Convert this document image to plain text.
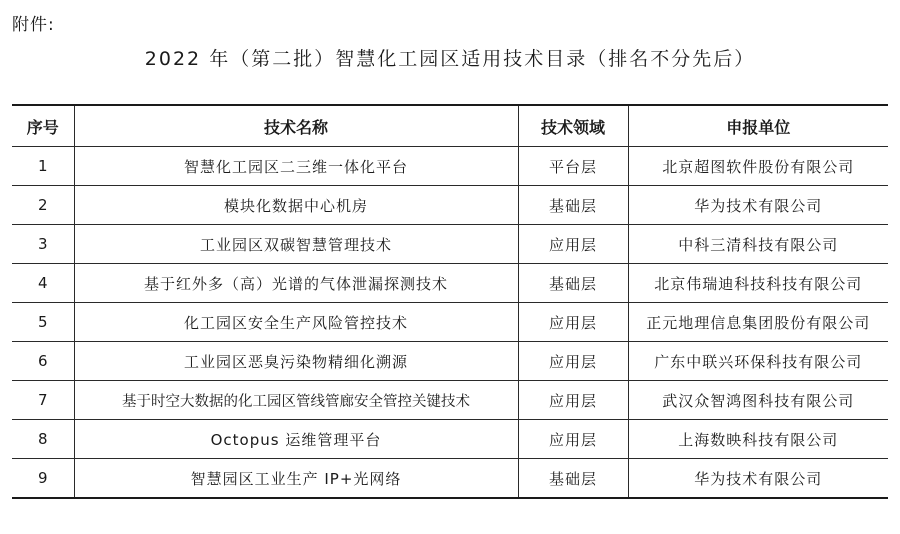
附件:
2022 年（第二批）智慧化工园区适用技术目录（排名不分先后）
序号	技术名称	技术领域	申报单位
1	智慧化工园区二三维一体化平台	平台层	北京超图软件股份有限公司
2	模块化数据中心机房	基础层	华为技术有限公司
3	工业园区双碳智慧管理技术	应用层	中科三清科技有限公司
4	基于红外多（高）光谱的气体泄漏探测技术	基础层	北京伟瑞迪科技科技有限公司
5	化工园区安全生产风险管控技术	应用层	正元地理信息集团股份有限公司
6	工业园区恶臭污染物精细化溯源	应用层	广东中联兴环保科技有限公司
7	基于时空大数据的化工园区管线管廊安全管控关键技术	应用层	武汉众智鸿图科技有限公司
8	Octopus 运维管理平台	应用层	上海数映科技有限公司
9	智慧园区工业生产 IP+光网络	基础层	华为技术有限公司
